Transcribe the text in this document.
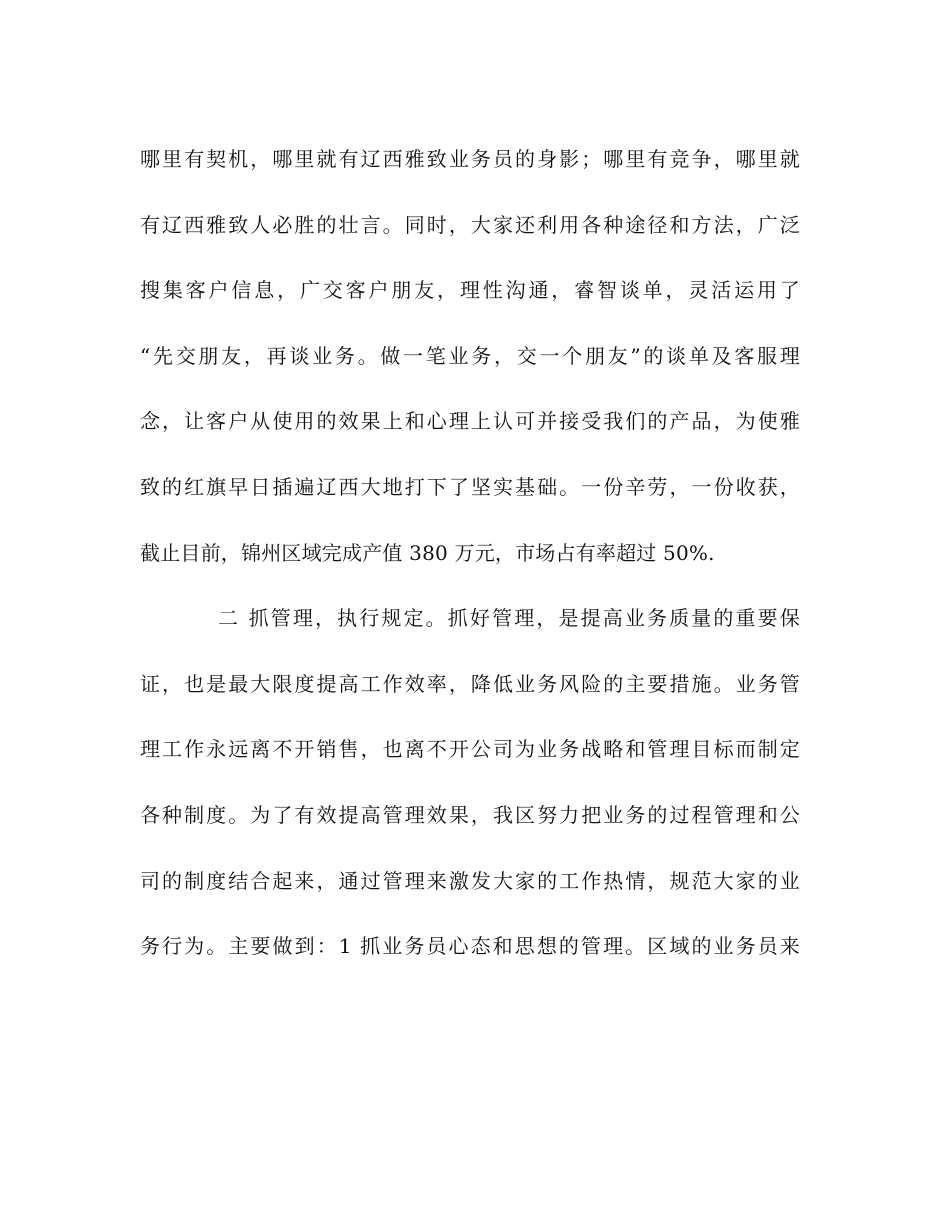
哪里有契机，哪里就有辽西雅致业务员的身影；哪里有竞争，哪里就
有辽西雅致人必胜的壮言。同时，大家还利用各种途径和方法，广泛
搜集客户信息，广交客户朋友，理性沟通，睿智谈单，灵活运用了
“先交朋友，再谈业务。做一笔业务，交一个朋友”的谈单及客服理
念，让客户从使用的效果上和心理上认可并接受我们的产品，为使雅
致的红旗早日插遍辽西大地打下了坚实基础。一份辛劳，一份收获，
截止目前，锦州区域完成产值 380 万元，市场占有率超过 50%.
二 抓管理，执行规定。抓好管理，是提高业务质量的重要保
证，也是最大限度提高工作效率，降低业务风险的主要措施。业务管
理工作永远离不开销售，也离不开公司为业务战略和管理目标而制定
各种制度。为了有效提高管理效果，我区努力把业务的过程管理和公
司的制度结合起来，通过管理来激发大家的工作热情，规范大家的业
务行为。主要做到：1 抓业务员心态和思想的管理。区域的业务员来
